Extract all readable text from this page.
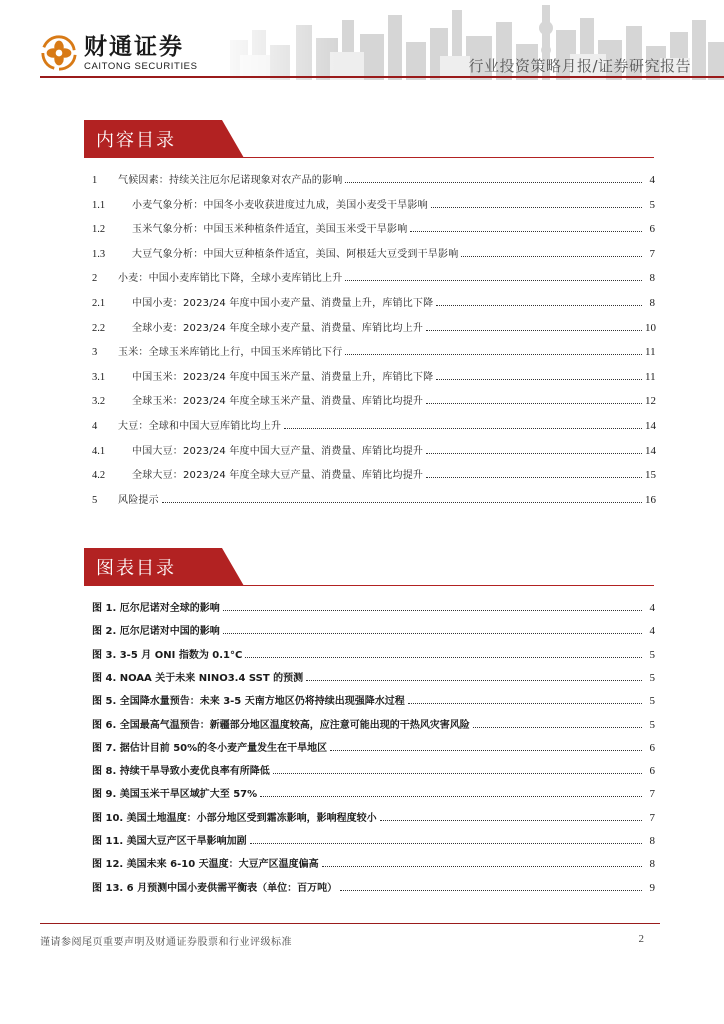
财通证券
CAITONG SECURITIES	行业投资策略月报/证券研究报告
内容目录
1	气候因素：持续关注厄尔尼诺现象对农产品的影响	4
1.1	小麦气象分析：中国冬小麦收获进度过九成，美国小麦受干旱影响	5
1.2	玉米气象分析：中国玉米种植条件适宜，美国玉米受干旱影响	6
1.3	大豆气象分析：中国大豆种植条件适宜，美国、阿根廷大豆受到干旱影响	7
2	小麦：中国小麦库销比下降，全球小麦库销比上升	8
2.1	中国小麦：2023/24 年度中国小麦产量、消费量上升，库销比下降	8
2.2	全球小麦：2023/24 年度全球小麦产量、消费量、库销比均上升	10
3	玉米：全球玉米库销比上行，中国玉米库销比下行	11
3.1	中国玉米：2023/24 年度中国玉米产量、消费量上升，库销比下降	11
3.2	全球玉米：2023/24 年度全球玉米产量、消费量、库销比均提升	12
4	大豆：全球和中国大豆库销比均上升	14
4.1	中国大豆：2023/24 年度中国大豆产量、消费量、库销比均提升	14
4.2	全球大豆：2023/24 年度全球大豆产量、消费量、库销比均提升	15
5	风险提示	16
图表目录
图 1. 厄尔尼诺对全球的影响	4
图 2. 厄尔尼诺对中国的影响	4
图 3. 3-5 月 ONI 指数为 0.1°C	5
图 4. NOAA 关于未来 NINO3.4 SST 的预测	5
图 5. 全国降水量预告：未来 3-5 天南方地区仍将持续出现强降水过程	5
图 6. 全国最高气温预告：新疆部分地区温度较高，应注意可能出现的干热风灾害风险	5
图 7. 据估计目前 50%的冬小麦产量发生在干旱地区	6
图 8. 持续干旱导致小麦优良率有所降低	6
图 9. 美国玉米干旱区域扩大至 57%	7
图 10. 美国土地温度：小部分地区受到霜冻影响，影响程度较小	7
图 11. 美国大豆产区干旱影响加剧	8
图 12. 美国未来 6-10 天温度：大豆产区温度偏高	8
图 13. 6 月预测中国小麦供需平衡表（单位：百万吨）	9
谨请参阅尾页重要声明及财通证券股票和行业评级标准	2
